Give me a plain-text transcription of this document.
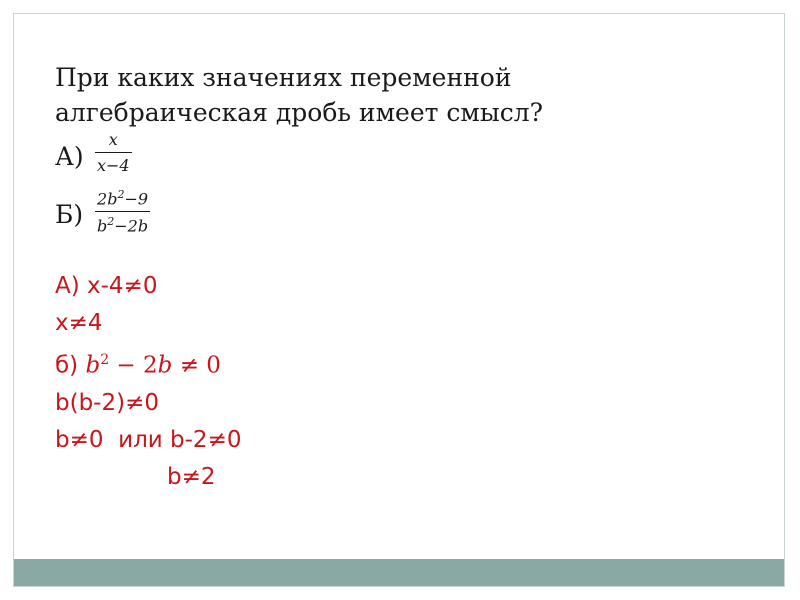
При каких значениях переменной
алгебраическая дробь имеет смысл?

А)
x
x−4
Б)
$2b^2-9$
$b^2-2b$
А) x-4≠0
x≠4
б) $b^2 - 2b \ne 0$
b(b-2)≠0
b≠0  или b-2≠0
b≠2
